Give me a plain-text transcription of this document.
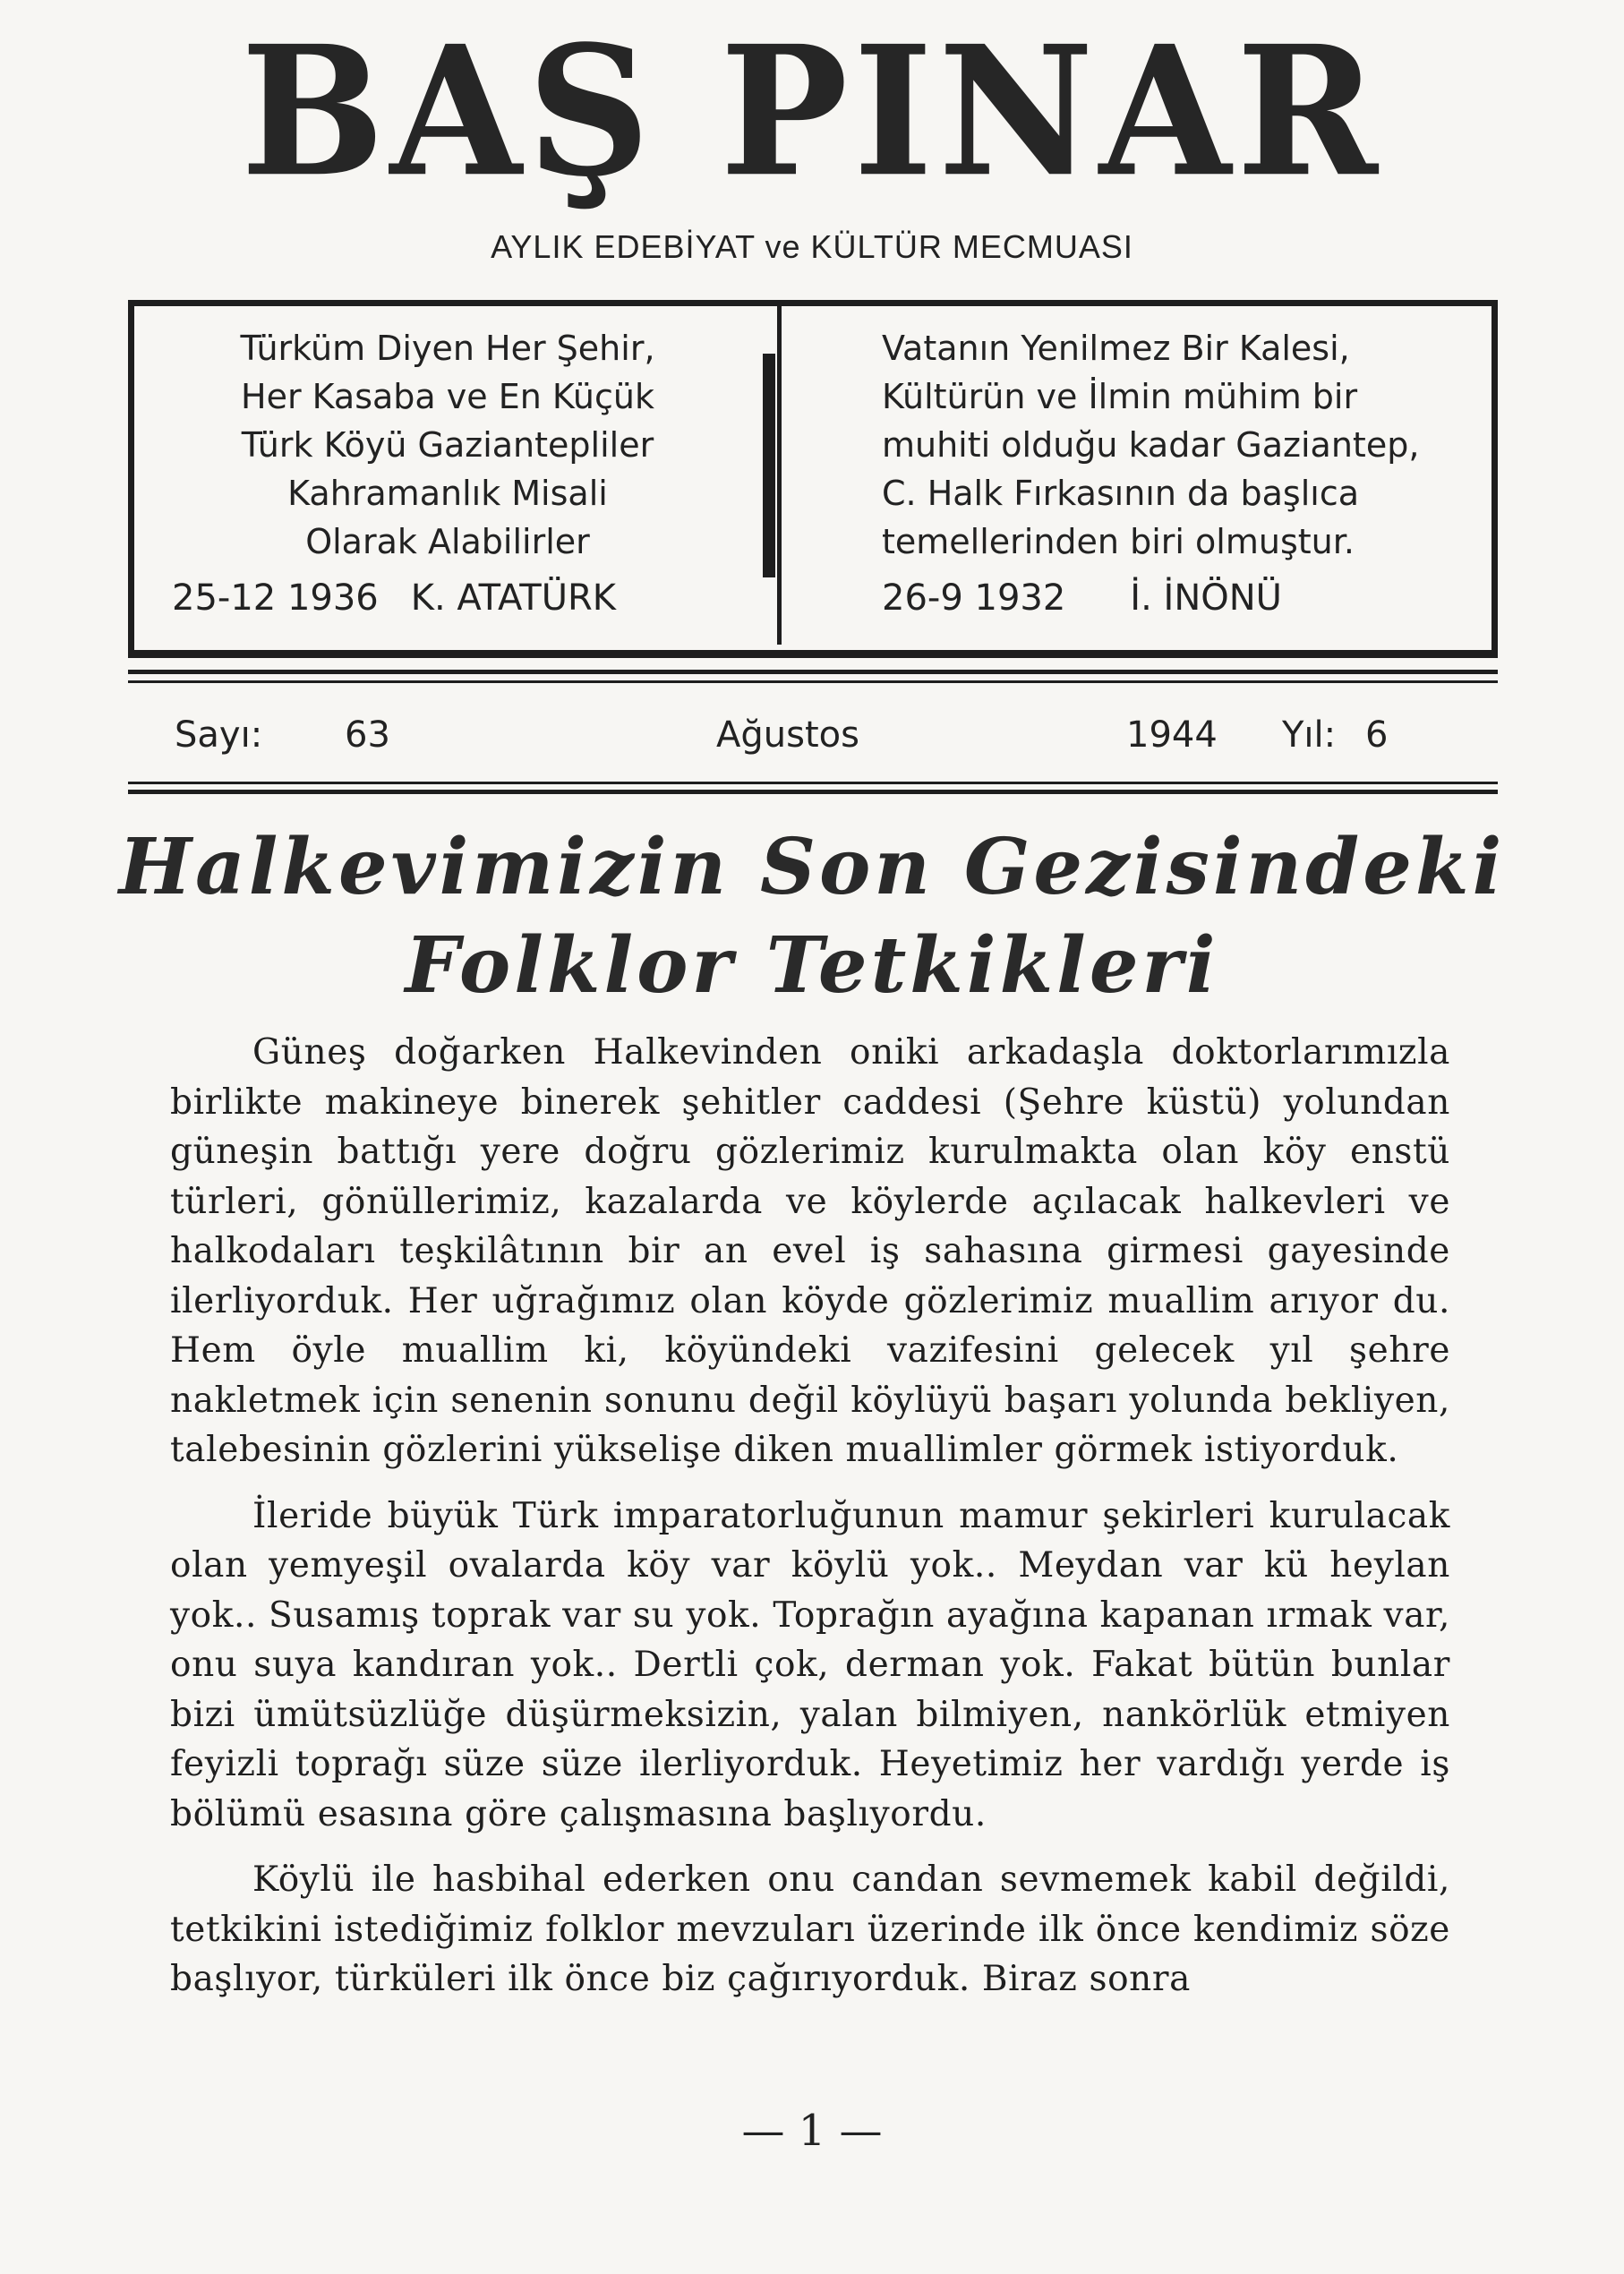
BAŞ PINAR
AYLIK EDEBİYAT ve KÜLTÜR MECMUASI
Türküm Diyen Her Şehir,
Her Kasaba ve En Küçük
Türk Köyü Gaziantepliler
Kahramanlık Misali
Olarak Alabilirler
25-12 1936 K. ATATÜRK
Vatanın Yenilmez Bir Kalesi,
Kültürün ve İlmin mühim bir
muhiti olduğu kadar Gaziantep,
C. Halk Fırkasının da başlıca
temellerinden biri olmuştur.
26-9 1932 İ. İNÖNÜ
Sayı: 63	Ağustos	1944 Yıl: 6
Halkevimizin Son Gezisindeki
Folklor Tetkikleri

Güneş doğarken Halkevinden oniki arkadaşla doktorlarımızla birlikte makineye binerek şehitler caddesi (Şehre küstü) yolundan güneşin battığı yere doğru gözlerimiz kurulmakta olan köy enstü türleri, gönüllerimiz, kazalarda ve köylerde açılacak halkevleri ve halkodaları teşkilâtının bir an evel iş sahasına girmesi gayesinde ilerliyorduk. Her uğrağımız olan köyde gözlerimiz muallim arıyor du. Hem öyle muallim ki, köyündeki vazifesini gelecek yıl şehre nakletmek için senenin sonunu değil köylüyü başarı yolunda bekliyen, talebesinin gözlerini yükselişe diken muallimler görmek istiyorduk.

İleride büyük Türk imparatorluğunun mamur şekirleri kurulacak olan yemyeşil ovalarda köy var köylü yok.. Meydan var kü heylan yok.. Susamış toprak var su yok. Toprağın ayağına kapanan ırmak var, onu suya kandıran yok.. Dertli çok, derman yok. Fakat bütün bunlar bizi ümütsüzlüğe düşürmeksizin, yalan bilmiyen, nankörlük etmiyen feyizli toprağı süze süze ilerliyorduk. Heyetimiz her vardığı yerde iş bölümü esasına göre çalışmasına başlıyordu.

Köylü ile hasbihal ederken onu candan sevmemek kabil değildi, tetkikini istediğimiz folklor mevzuları üzerinde ilk önce kendimiz söze başlıyor, türküleri ilk önce biz çağırıyorduk. Biraz sonra

— 1 —
